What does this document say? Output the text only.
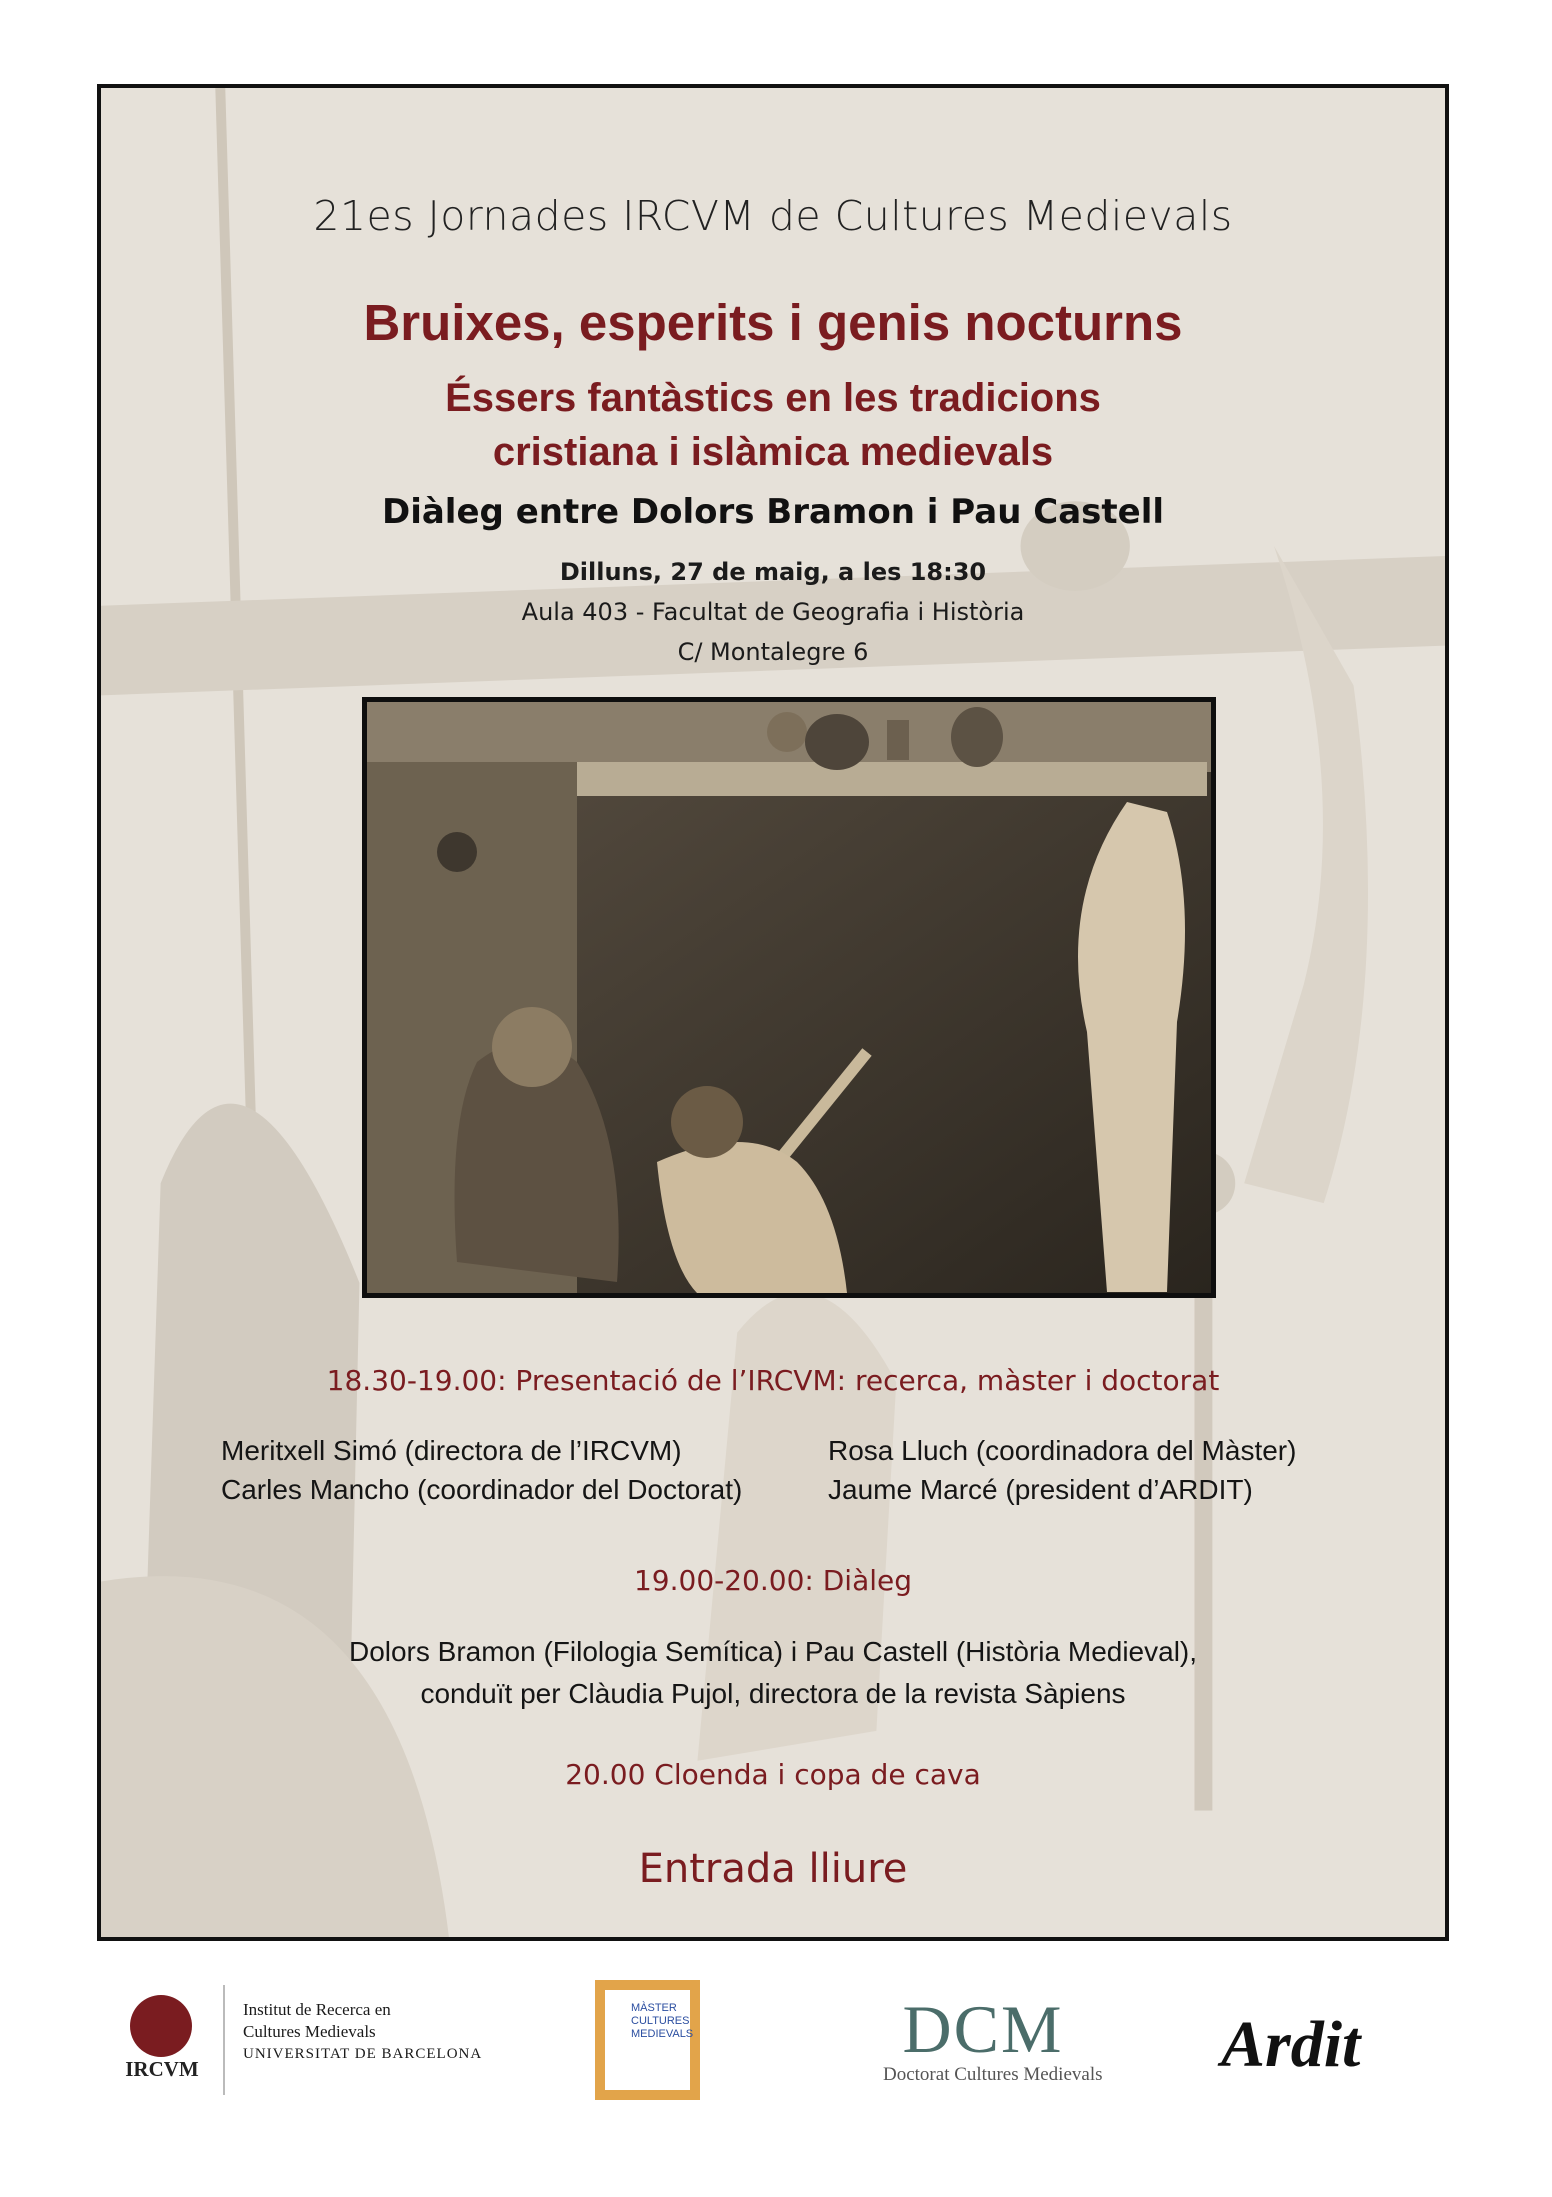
21es Jornades IRCVM de Cultures Medievals
Bruixes, esperits i genis nocturns
Éssers fantàstics en les tradicions
cristiana i islàmica medievals
Diàleg entre Dolors Bramon i Pau Castell
Dilluns, 27 de maig, a les 18:30
Aula 403 - Facultat de Geografia i Història
C/ Montalegre 6
18.30-19.00: Presentació de l’IRCVM: recerca, màster i doctorat
Meritxell Simó (directora de l’IRCVM)
Carles Mancho (coordinador del Doctorat)
Rosa Lluch (coordinadora del Màster)
Jaume Marcé (president d’ARDIT)
19.00-20.00: Diàleg
Dolors Bramon (Filologia Semítica) i Pau Castell (Història Medieval),
conduït per Clàudia Pujol, directora de la revista Sàpiens
20.00 Cloenda i copa de cava
Entrada lliure
IRCVM
Institut de Recerca en
Cultures Medievals
UNIVERSITAT DE BARCELONA
MÀSTER
CULTURES
MEDIEVALS	DCM
Doctorat Cultures Medievals Ardit
